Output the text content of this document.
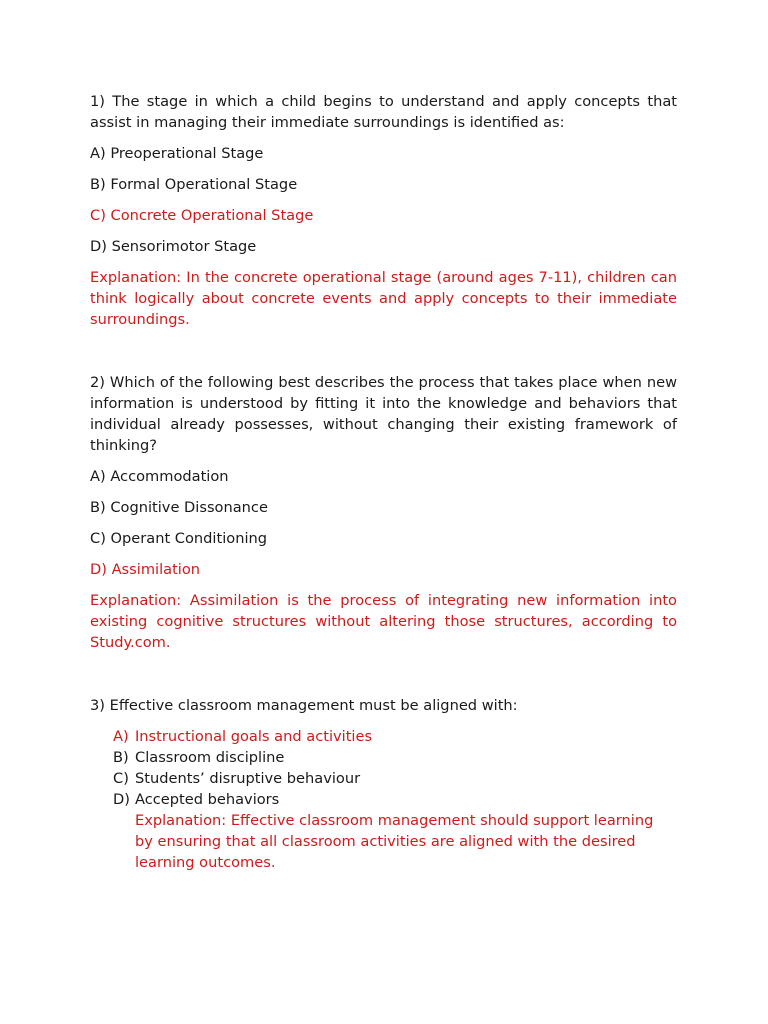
1) The stage in which a child begins to understand and apply concepts that assist in managing their immediate surroundings is identified as:

A) Preoperational Stage

B) Formal Operational Stage

C) Concrete Operational Stage

D) Sensorimotor Stage

Explanation: In the concrete operational stage (around ages 7-11), children can think logically about concrete events and apply concepts to their immediate surroundings.

2) Which of the following best describes the process that takes place when new information is understood by fitting it into the knowledge and behaviors that individual already possesses, without changing their existing framework of thinking?

A) Accommodation

B) Cognitive Dissonance

C) Operant Conditioning

D) Assimilation

Explanation: Assimilation is the process of integrating new information into existing cognitive structures without altering those structures, according to Study.com.

3) Effective classroom management must be aligned with:

A) Instructional goals and activities
B) Classroom discipline
C) Students’ disruptive behaviour
D) Accepted behaviors
Explanation: Effective classroom management should support learning by ensuring that all classroom activities are aligned with the desired learning outcomes.
